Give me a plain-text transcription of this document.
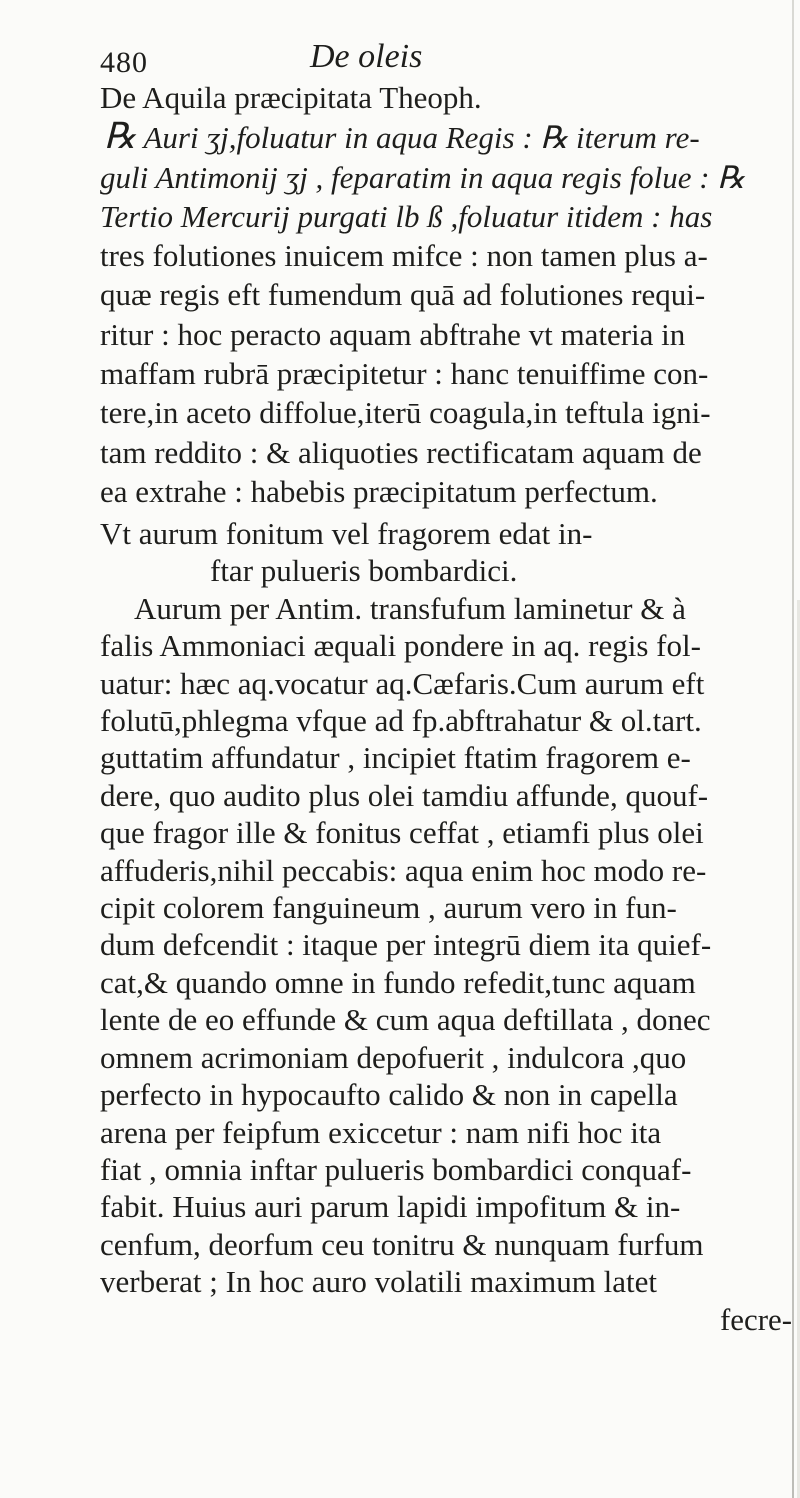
480	De oleis
De Aquila præcipitata Theoph.
℞ Auri ʒj,foluatur in aqua Regis : ℞ iterum re-
guli Antimonij ʒj , feparatim in aqua regis folue : ℞
Tertio Mercurij purgati lb ß ,foluatur itidem : has
tres folutiones inuicem mifce : non tamen plus a-
quæ regis eft fumendum quā ad folutiones requi-
ritur : hoc peracto aquam abftrahe vt materia in
maffam rubrā præcipitetur : hanc tenuiffime con-
tere,in aceto diffolue,iterū coagula,in teftula igni-
tam reddito : & aliquoties rectificatam aquam de
ea extrahe : habebis præcipitatum perfectum.
Vt aurum fonitum vel fragorem edat in-
ftar pulueris bombardici.
Aurum per Antim. transfufum laminetur & à
falis Ammoniaci æquali pondere in aq. regis fol-
uatur: hæc aq.vocatur aq.Cæfaris.Cum aurum eft
folutū,phlegma vfque ad fp.abftrahatur & ol.tart.
guttatim affundatur , incipiet ftatim fragorem e-
dere, quo audito plus olei tamdiu affunde, quouf-
que fragor ille & fonitus ceffat , etiamfi plus olei
affuderis,nihil peccabis: aqua enim hoc modo re-
cipit colorem fanguineum , aurum vero in fun-
dum defcendit : itaque per integrū diem ita quief-
cat,& quando omne in fundo refedit,tunc aquam
lente de eo effunde & cum aqua deftillata , donec
omnem acrimoniam depofuerit , indulcora ,quo
perfecto in hypocaufto calido & non in capella
arena per feipfum exiccetur : nam nifi hoc ita
fiat , omnia inftar pulueris bombardici conquaf-
fabit. Huius auri parum lapidi impofitum & in-
cenfum, deorfum ceu tonitru & nunquam furfum
verberat ; In hoc auro volatili maximum latet
fecre-
